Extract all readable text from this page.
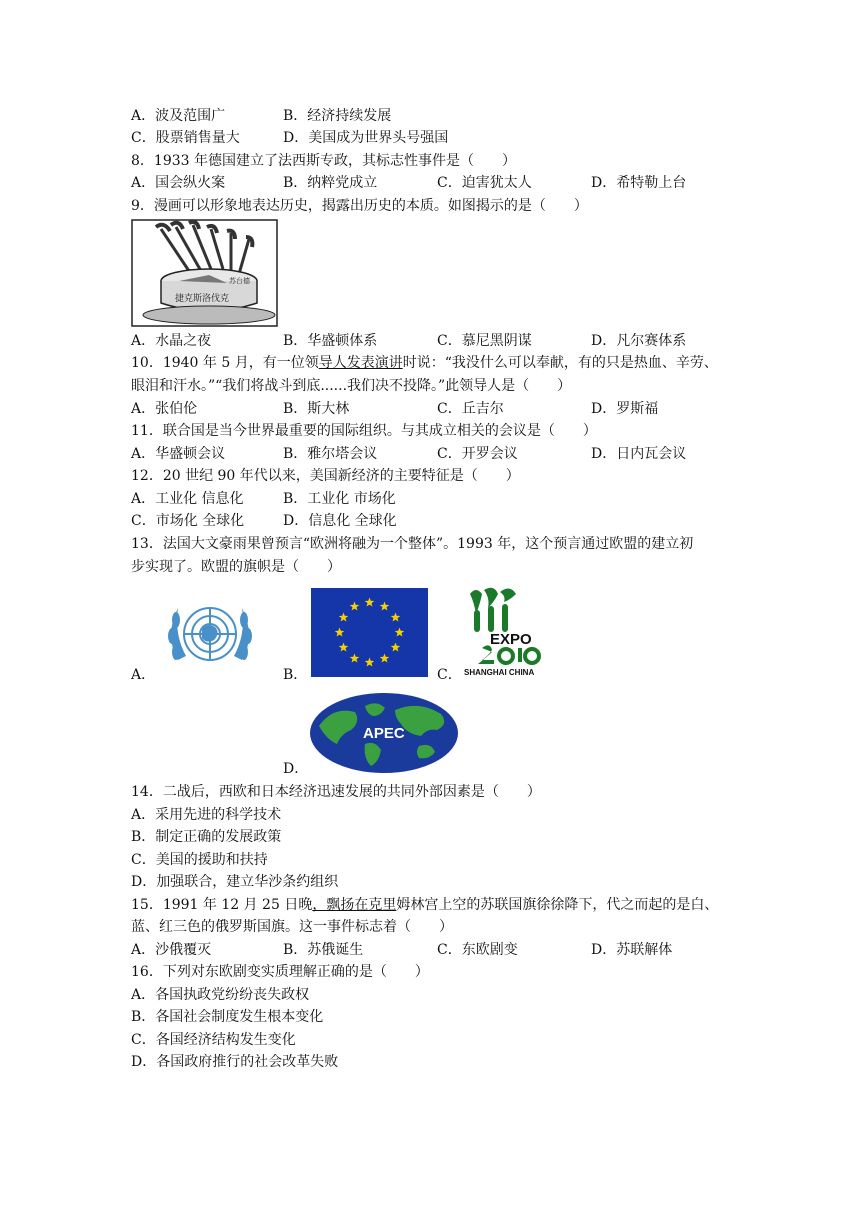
A．波及范围广	B．经济持续发展
C．股票销售量大	D．美国成为世界头号强国
8．1933 年德国建立了法西斯专政，其标志性事件是（　　）
A．国会纵火案	B．纳粹党成立	C．迫害犹太人	D．希特勒上台
9．漫画可以形象地表达历史，揭露出历史的本质。如图揭示的是（　　）
苏台德
捷克斯洛伐克
A．水晶之夜	B．华盛顿体系	C．慕尼黑阴谋	D．凡尔赛体系
10．1940 年 5 月，有一位领导人发表演讲时说：“我没什么可以奉献，有的只是热血、辛劳、
眼泪和汗水。”“我们将战斗到底......我们决不投降。”此领导人是（　　）
A．张伯伦	B．斯大林	C．丘吉尔	D．罗斯福
11．联合国是当今世界最重要的国际组织。与其成立相关的会议是（　　）
A．华盛顿会议	B．雅尔塔会议	C．开罗会议	D．日内瓦会议
12．20 世纪 90 年代以来，美国新经济的主要特征是（　　）
A．工业化 信息化	B．工业化 市场化
C．市场化 全球化	D．信息化 全球化
13．法国大文豪雨果曾预言“欧洲将融为一个整体”。1993 年，这个预言通过欧盟的建立初
步实现了。欧盟的旗帜是（　　）
A．	B．	C．
EXPO
SHANGHAI CHINA
D．
APEC
14．二战后，西欧和日本经济迅速发展的共同外部因素是（　　）
A．采用先进的科学技术
B．制定正确的发展政策
C．美国的援助和扶持
D．加强联合，建立华沙条约组织
15．1991 年 12 月 25 日晚，飘扬在克里姆林宫上空的苏联国旗徐徐降下，代之而起的是白、
蓝、红三色的俄罗斯国旗。这一事件标志着（　　）
A．沙俄覆灭	B．苏俄诞生	C．东欧剧变	D．苏联解体
16．下列对东欧剧变实质理解正确的是（　　）
A．各国执政党纷纷丧失政权
B．各国社会制度发生根本变化
C．各国经济结构发生变化
D．各国政府推行的社会改革失败
